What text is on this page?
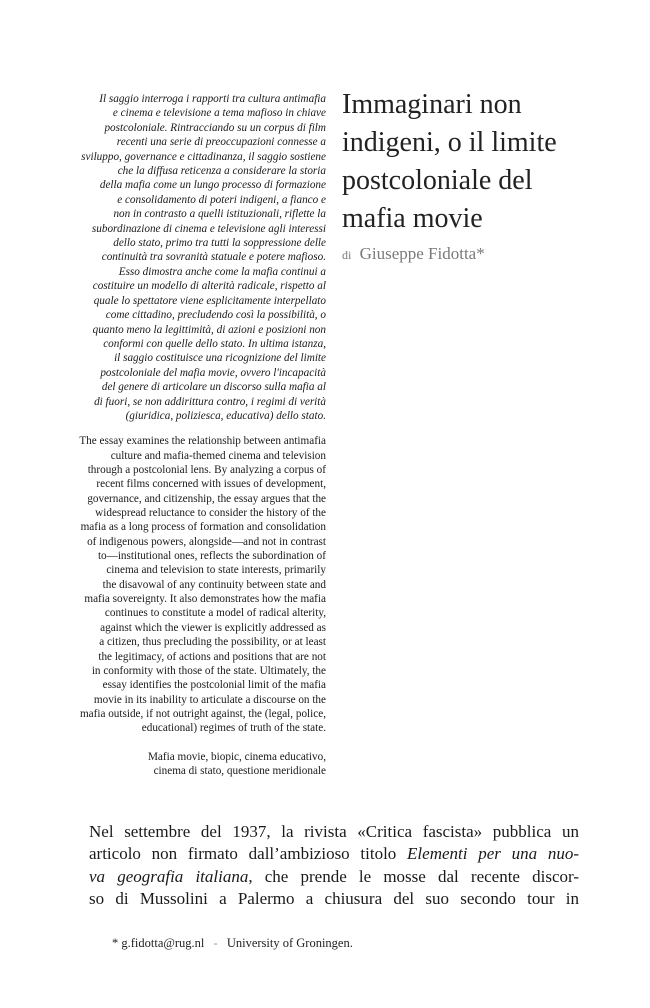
Il saggio interroga i rapporti tra cultura antimafia
e cinema e televisione a tema mafioso in chiave
postcoloniale. Rintracciando su un corpus di film
recenti una serie di preoccupazioni connesse a
sviluppo, governance e cittadinanza, il saggio sostiene
che la diffusa reticenza a considerare la storia
della mafia come un lungo processo di formazione
e consolidamento di poteri indigeni, a fianco e
non in contrasto a quelli istituzionali, riflette la
subordinazione di cinema e televisione agli interessi
dello stato, primo tra tutti la soppressione delle
continuità tra sovranità statuale e potere mafioso.
Esso dimostra anche come la mafia continui a
costituire un modello di alterità radicale, rispetto al
quale lo spettatore viene esplicitamente interpellato
come cittadino, precludendo così la possibilità, o
quanto meno la legittimità, di azioni e posizioni non
conformi con quelle dello stato. In ultima istanza,
il saggio costituisce una ricognizione del limite
postcoloniale del mafia movie, ovvero l'incapacità
del genere di articolare un discorso sulla mafia al
di fuori, se non addirittura contro, i regimi di verità
(giuridica, poliziesca, educativa) dello stato.

The essay examines the relationship between antimafia
culture and mafia-themed cinema and television
through a postcolonial lens. By analyzing a corpus of
recent films concerned with issues of development,
governance, and citizenship, the essay argues that the
widespread reluctance to consider the history of the
mafia as a long process of formation and consolidation
of indigenous powers, alongside—and not in contrast
to—institutional ones, reflects the subordination of
cinema and television to state interests, primarily
the disavowal of any continuity between state and
mafia sovereignty. It also demonstrates how the mafia
continues to constitute a model of radical alterity,
against which the viewer is explicitly addressed as
a citizen, thus precluding the possibility, or at least
the legitimacy, of actions and positions that are not
in conformity with those of the state. Ultimately, the
essay identifies the postcolonial limit of the mafia
movie in its inability to articulate a discourse on the
mafia outside, if not outright against, the (legal, police,
educational) regimes of truth of the state.

Mafia movie, biopic, cinema educativo,
cinema di stato, questione meridionale

Immaginari non
indigeni, o il limite
postcoloniale del
mafia movie
di Giuseppe Fidotta*

Nel settembre del 1937, la rivista «Critica fascista» pubblica un
articolo non firmato dall’ambizioso titolo Elementi per una nuo-
va geografia italiana, che prende le mosse dal recente discor-
so di Mussolini a Palermo a chiusura del suo secondo tour in

* g.fidotta@rug.nl - University of Groningen.
